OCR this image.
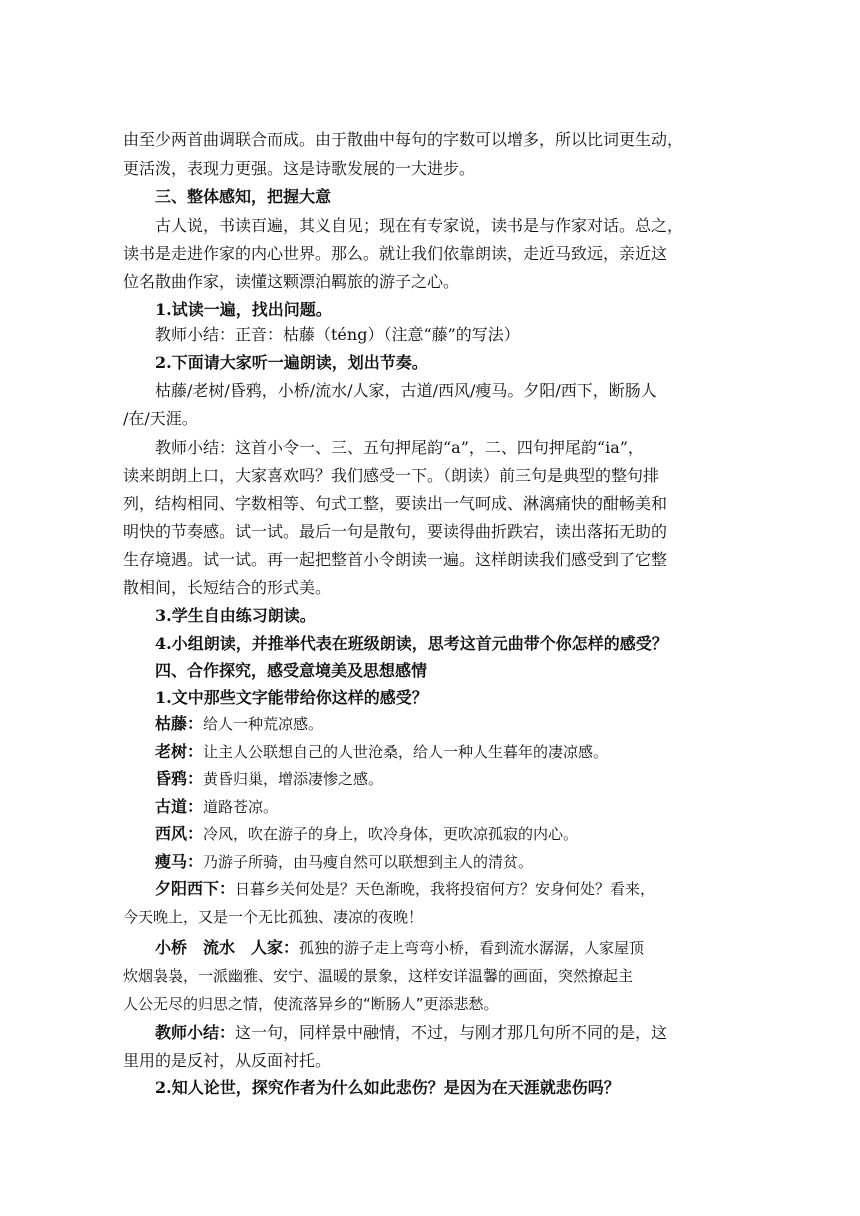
由至少两首曲调联合而成。由于散曲中每句的字数可以增多，所以比词更生动，
更活泼，表现力更强。这是诗歌发展的一大进步。
三、整体感知，把握大意
古人说，书读百遍，其义自见；现在有专家说，读书是与作家对话。总之，
读书是走进作家的内心世界。那么。就让我们依靠朗读，走近马致远，亲近这
位名散曲作家，读懂这颗漂泊羁旅的游子之心。
1.试读一遍，找出问题。
教师小结：正音：枯藤（téng）（注意“藤”的写法）
2.下面请大家听一遍朗读，划出节奏。
枯藤/老树/昏鸦，小桥/流水/人家，古道/西风/瘦马。夕阳/西下，断肠人
/在/天涯。
教师小结：这首小令一、三、五句押尾韵“a”，二、四句押尾韵“ia”，
读来朗朗上口，大家喜欢吗？我们感受一下。（朗读）前三句是典型的整句排
列，结构相同、字数相等、句式工整，要读出一气呵成、淋漓痛快的酣畅美和
明快的节奏感。试一试。最后一句是散句，要读得曲折跌宕，读出落拓无助的
生存境遇。试一试。再一起把整首小令朗读一遍。这样朗读我们感受到了它整
散相间，长短结合的形式美。
3.学生自由练习朗读。
4.小组朗读，并推举代表在班级朗读，思考这首元曲带个你怎样的感受？
四、合作探究，感受意境美及思想感情
1.文中那些文字能带给你这样的感受？
枯藤：给人一种荒凉感。
老树：让主人公联想自己的人世沧桑，给人一种人生暮年的凄凉感。
昏鸦：黄昏归巢，增添凄惨之感。
古道：道路苍凉。
西风：冷风，吹在游子的身上，吹冷身体，更吹凉孤寂的内心。
瘦马：乃游子所骑，由马瘦自然可以联想到主人的清贫。
夕阳西下：日暮乡关何处是？天色渐晚，我将投宿何方？安身何处？看来，
今天晚上，又是一个无比孤独、凄凉的夜晚！
小桥　流水　人家：孤独的游子走上弯弯小桥，看到流水潺潺，人家屋顶
炊烟袅袅，一派幽雅、安宁、温暖的景象，这样安详温馨的画面，突然撩起主
人公无尽的归思之情，使流落异乡的“断肠人”更添悲愁。
教师小结：这一句，同样景中融情，不过，与刚才那几句所不同的是，这
里用的是反衬，从反面衬托。
2.知人论世，探究作者为什么如此悲伤？是因为在天涯就悲伤吗？
